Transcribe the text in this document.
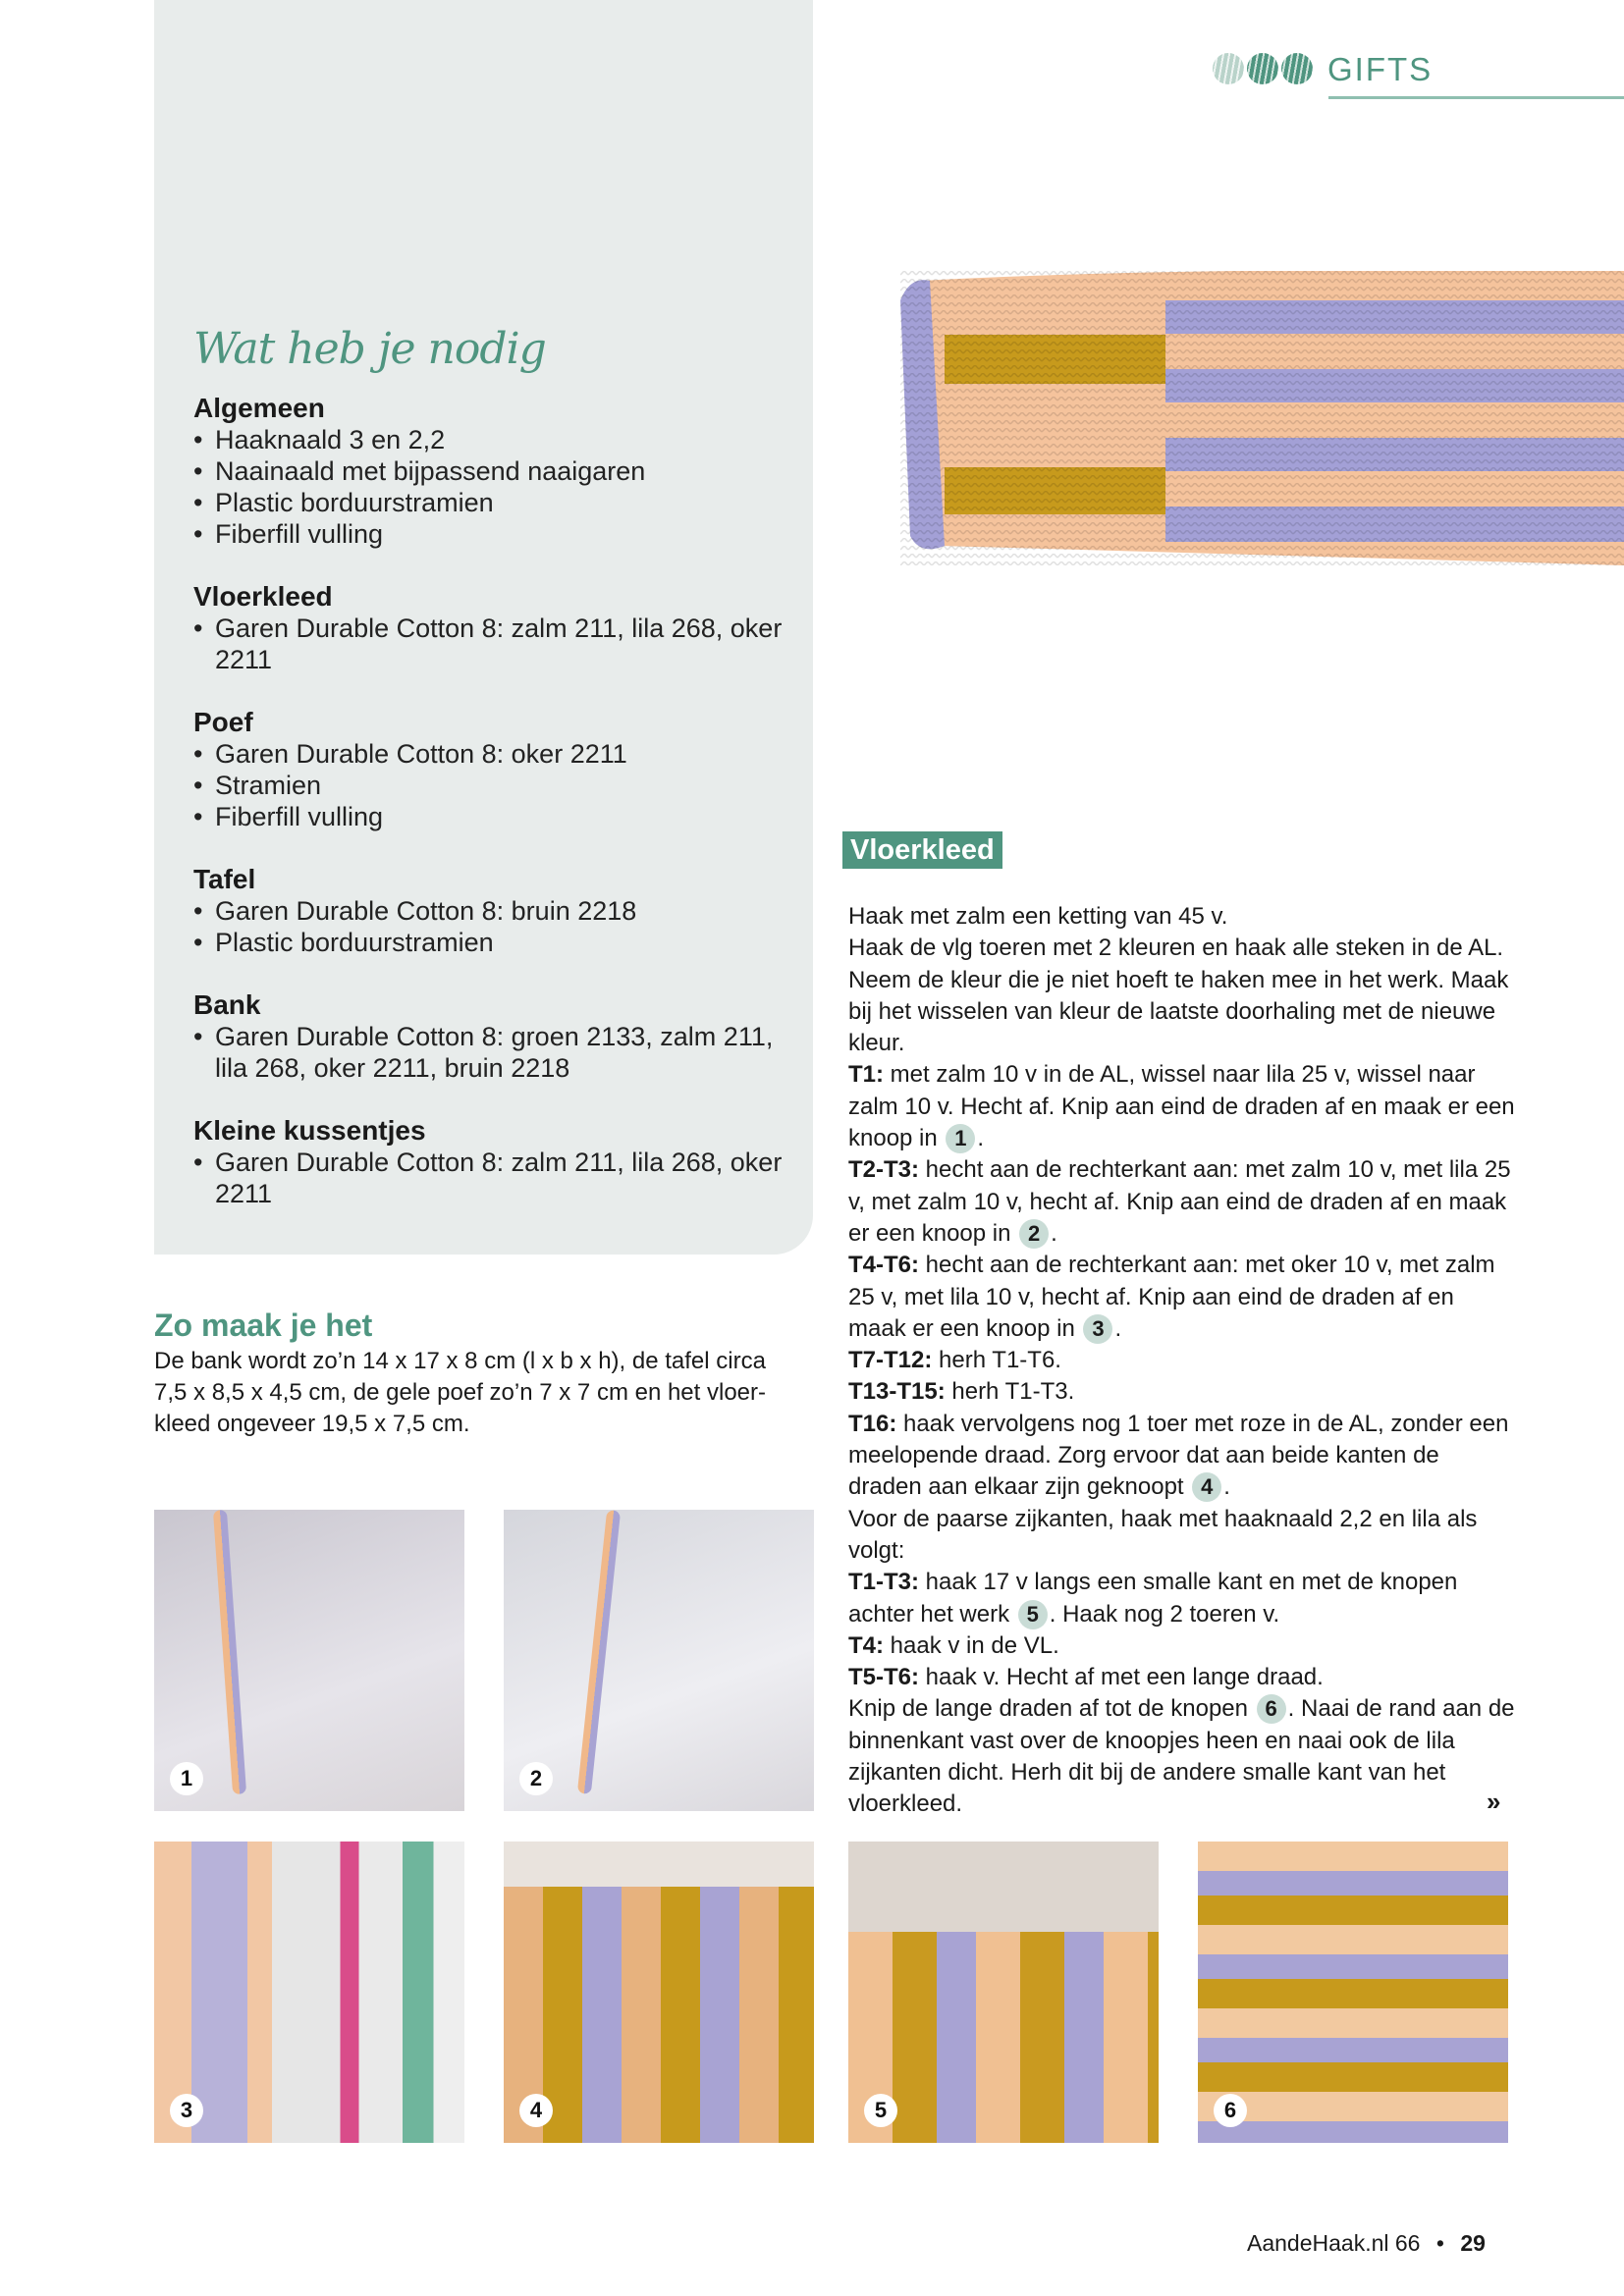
Wat heb je nodig
Algemeen
• Haaknaald 3 en 2,2
• Naainaald met bijpassend naaigaren
• Plastic borduurstramien
• Fiberfill vulling
Vloerkleed
• Garen Durable Cotton 8: zalm 211, lila 268, oker 2211
Poef
• Garen Durable Cotton 8: oker 2211
• Stramien
• Fiberfill vulling
Tafel
• Garen Durable Cotton 8: bruin 2218
• Plastic borduurstramien
Bank
• Garen Durable Cotton 8: groen 2133, zalm 211, lila 268, oker 2211, bruin 2218
Kleine kussentjes
• Garen Durable Cotton 8: zalm 211, lila 268, oker 2211
GIFTS
Vloerkleed
Haak met zalm een ketting van 45 v.
Haak de vlg toeren met 2 kleuren en haak alle steken in de AL. Neem de kleur die je niet hoeft te haken mee in het werk. Maak bij het wisselen van kleur de laatste doorhaling met de nieuwe kleur.
T1: met zalm 10 v in de AL, wissel naar lila 25 v, wissel naar zalm 10 v. Hecht af. Knip aan eind de draden af en maak er een knoop in 1 .
T2-T3: hecht aan de rechterkant aan: met zalm 10 v, met lila 25 v, met zalm 10 v, hecht af. Knip aan eind de draden af en maak er een knoop in 2 .
T4-T6: hecht aan de rechterkant aan: met oker 10 v, met zalm 25 v, met lila 10 v, hecht af. Knip aan eind de draden af en maak er een knoop in 3 .
T7-T12: herh T1-T6.
T13-T15: herh T1-T3.
T16: haak vervolgens nog 1 toer met roze in de AL, zonder een meelopende draad. Zorg ervoor dat aan beide kanten de draden aan elkaar zijn geknoopt 4 .
Voor de paarse zijkanten, haak met haaknaald 2,2 en lila als volgt:
T1-T3: haak 17 v langs een smalle kant en met de knopen achter het werk 5 . Haak nog 2 toeren v.
T4: haak v in de VL.
T5-T6: haak v. Hecht af met een lange draad.
Knip de lange draden af tot de knopen 6 . Naai de rand aan de binnenkant vast over de knoopjes heen en naai ook de lila zijkanten dicht. Herh dit bij de andere smalle kant van het vloerkleed.	»
Zo maak je het
De bank wordt zo’n 14 x 17 x 8 cm (l x b x h), de tafel circa 7,5 x 8,5 x 4,5 cm, de gele poef zo’n 7 x 7 cm en het vloerkleed ongeveer 19,5 x 7,5 cm.
1	2
3	4	5	6
AandeHaak.nl 66 • 29
